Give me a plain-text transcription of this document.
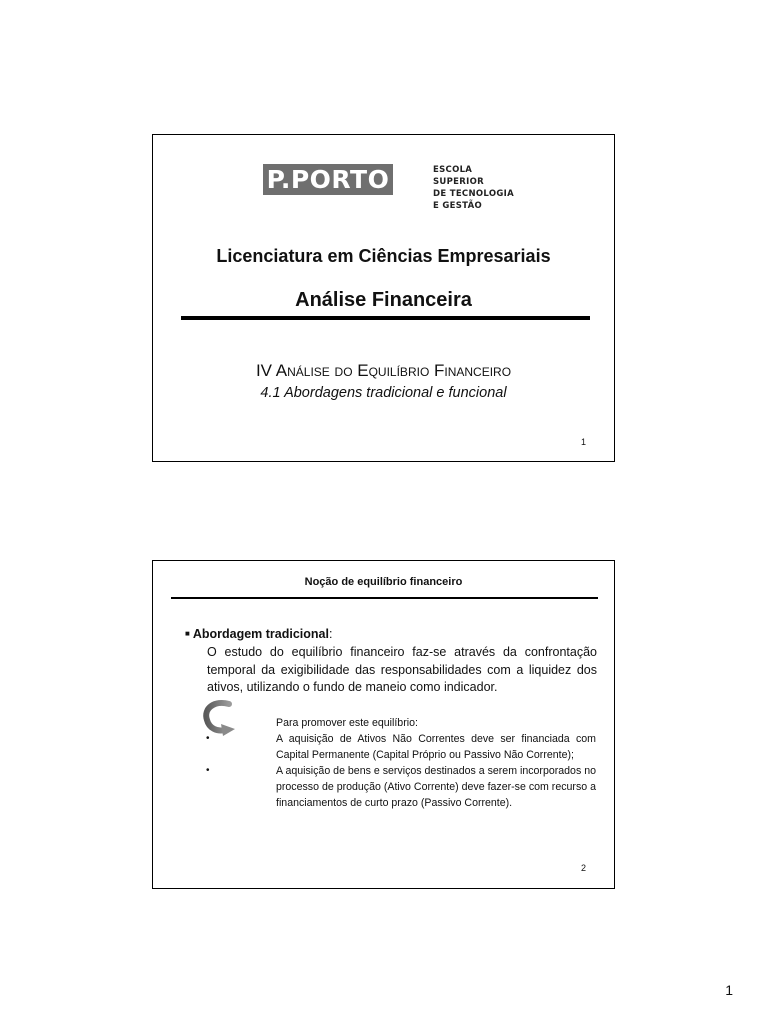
P.PORTO	ESCOLA
SUPERIOR
DE TECNOLOGIA
E GESTÃO
Licenciatura em Ciências Empresariais
Análise Financeira
IV Análise do Equilíbrio Financeiro
4.1 Abordagens tradicional e funcional
1
Noção de equilíbrio financeiro
■ Abordagem tradicional:
O estudo do equilíbrio financeiro faz-se através da confrontação temporal da exigibilidade das responsabilidades com a liquidez dos ativos, utilizando o fundo de maneio como indicador.
Para promover este equilíbrio:
•	A aquisição de Ativos Não Correntes deve ser financiada com Capital Permanente (Capital Próprio ou Passivo Não Corrente);
•	A aquisição de bens e serviços destinados a serem incorporados no processo de produção (Ativo Corrente) deve fazer-se com recurso a financiamentos de curto prazo (Passivo Corrente).
2
1
